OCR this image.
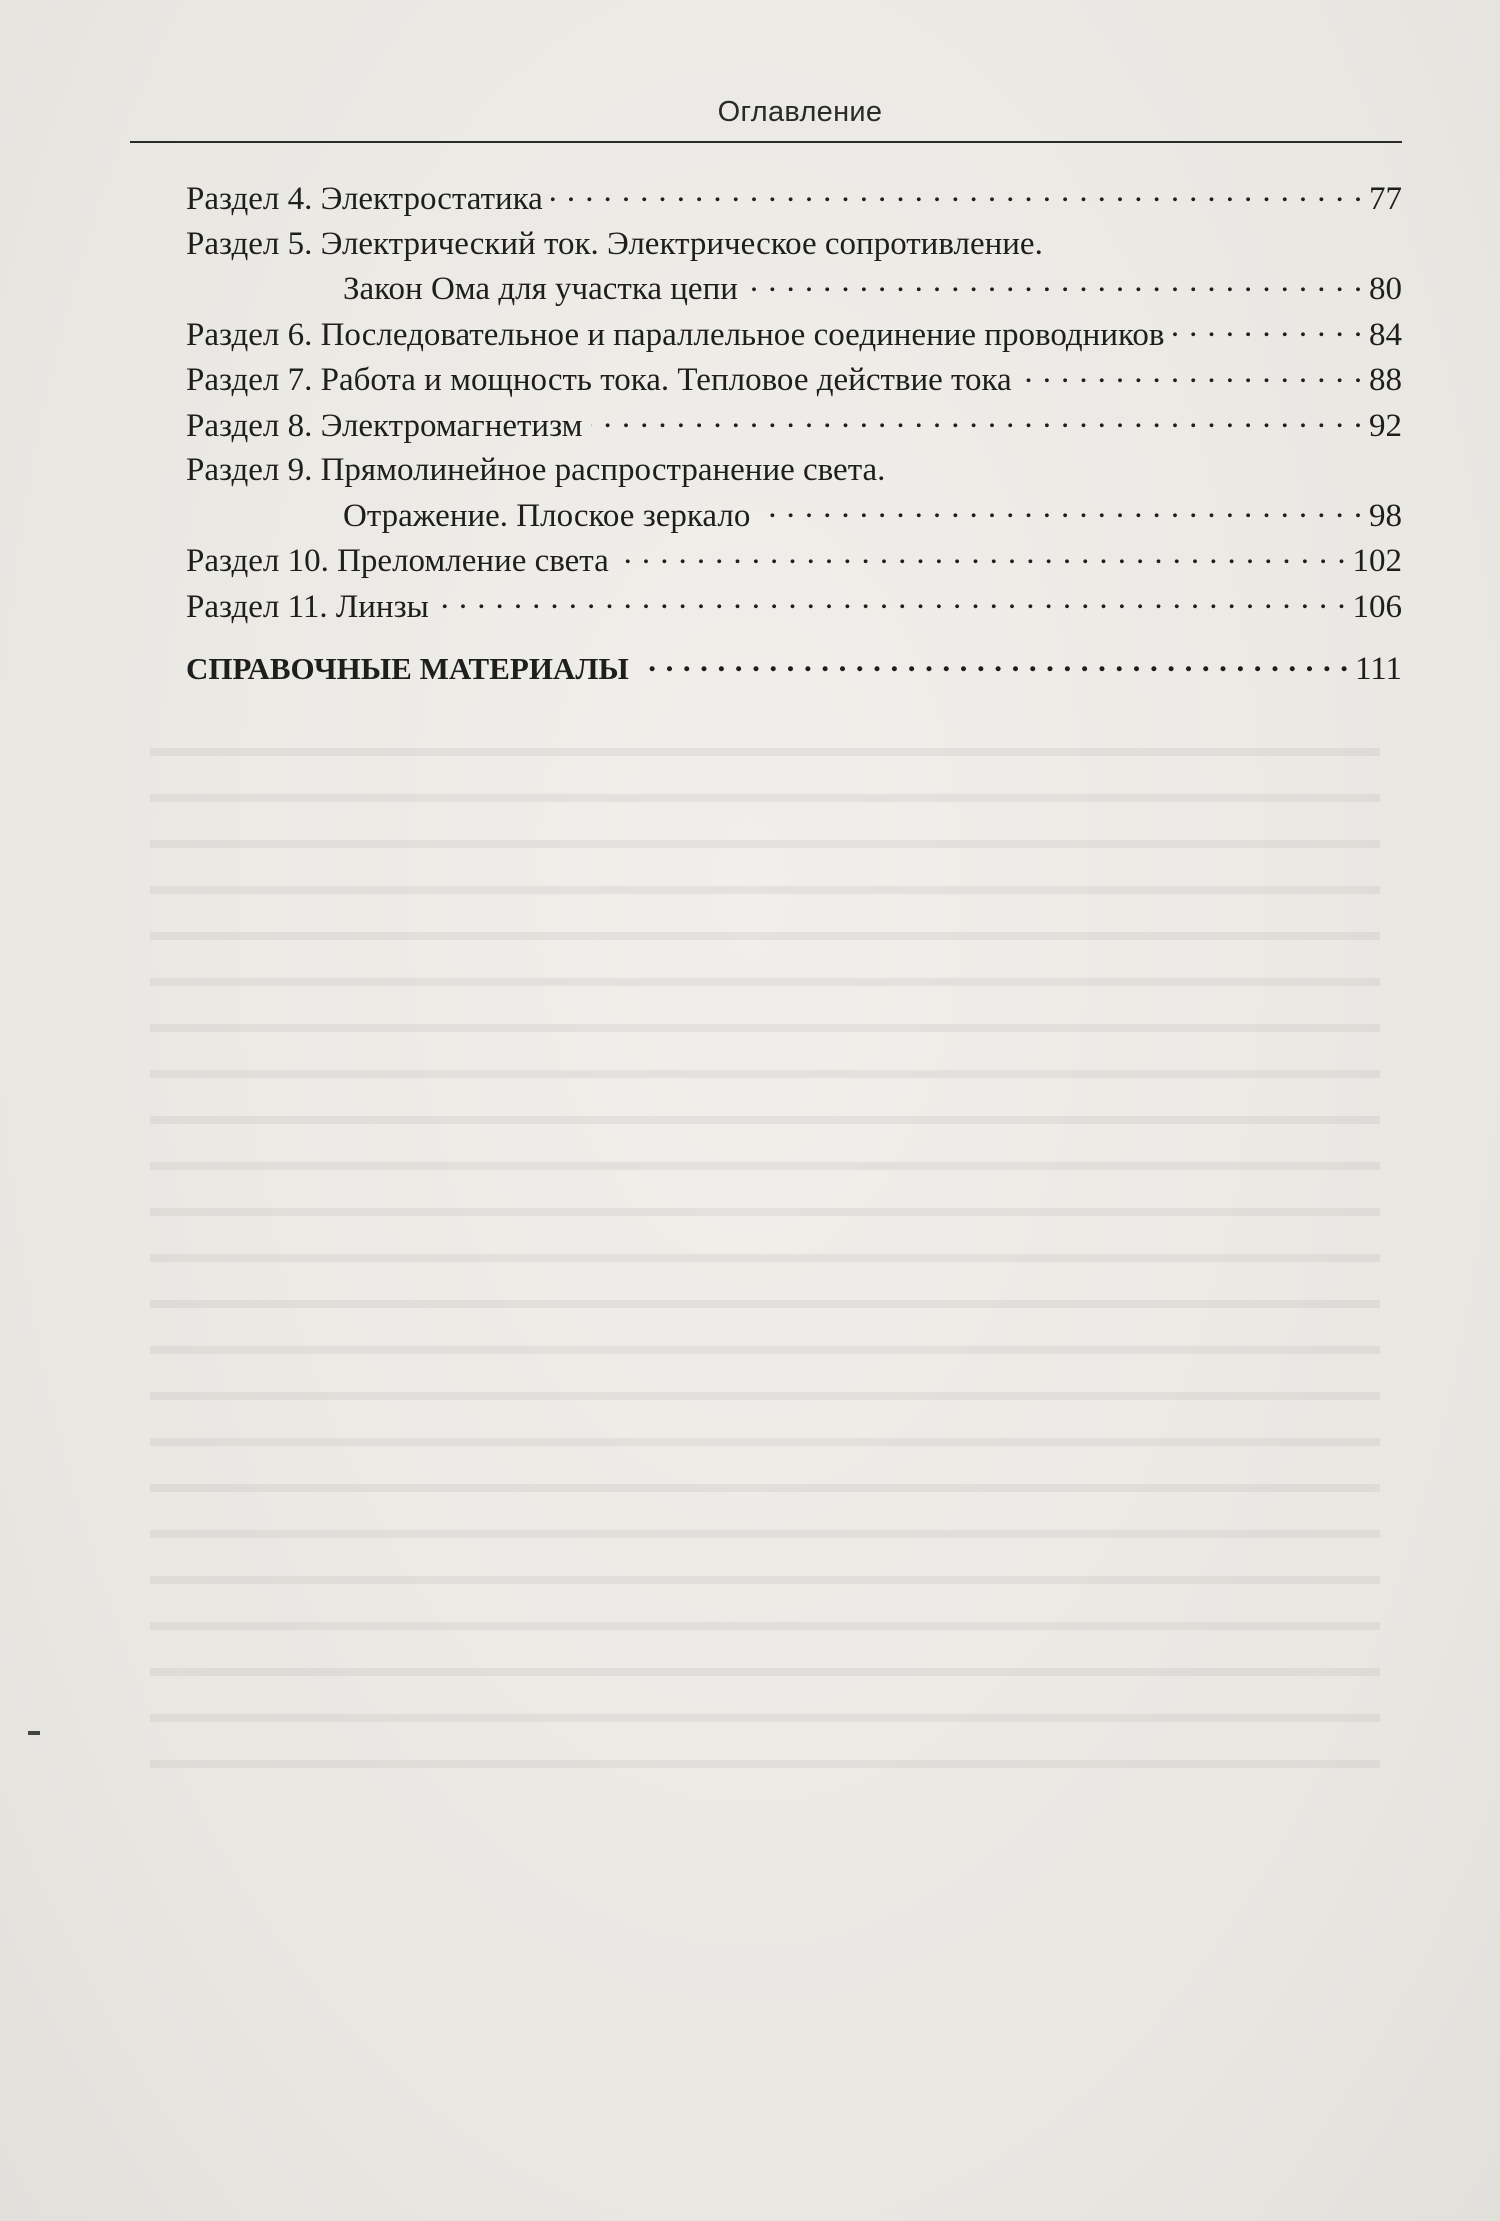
Оглавление
Раздел 4. Электростатика . . .	77
Раздел 5. Электрический ток. Электрическое сопротивление.
Закон Ома для участка цепи . . .	80
Раздел 6. Последовательное и параллельное соединение проводников . . .	84
Раздел 7. Работа и мощность тока. Тепловое действие тока . . .	88
Раздел 8. Электромагнетизм . . .	92
Раздел 9. Прямолинейное распространение света.
Отражение. Плоское зеркало . . .	98
Раздел 10. Преломление света . . .	102
Раздел 11. Линзы . . .	106
СПРАВОЧНЫЕ МАТЕРИАЛЫ . . .	111
